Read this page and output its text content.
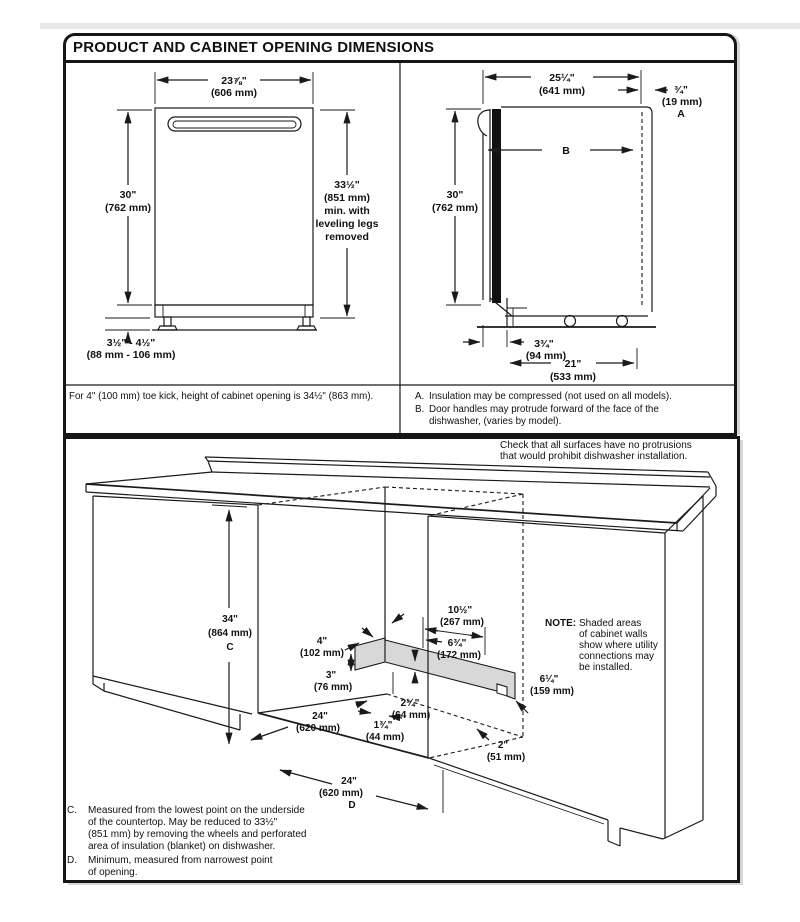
PRODUCT AND CABINET OPENING DIMENSIONS
23⅞"
(606 mm)
30"
(762 mm)
33½"
(851 mm)
min. with
leveling legs
removed
3½" - 4½"
(88 mm - 106 mm)
25¼"
(641 mm)	¾"
(19 mm)
A
B
30"
(762 mm)
3¾"
(94 mm)
21"
(533 mm)
For 4" (100 mm) toe kick, height of cabinet opening is 34½" (863 mm).	A. Insulation may be compressed (not used on all models).
B. Door handles may protrude forward of the face of the
dishwasher, (varies by model).
Check that all surfaces have no protrusions
that would prohibit dishwasher installation.
34"
(864 mm)
C
4"
(102 mm)
3"
(76 mm)
24"
(620 mm)	1¾"
(44 mm)
2¼"
(64 mm)
10½"
(267 mm)
6¾"
(172 mm)
6¼"
(159 mm)
2"
(51 mm)
24"
(620 mm)
D
NOTE: Shaded areas
of cabinet walls
show where utility
connections may
be installed.
C. Measured from the lowest point on the underside
of the countertop. May be reduced to 33½"
(851 mm) by removing the wheels and perforated
area of insulation (blanket) on dishwasher.
D. Minimum, measured from narrowest point
of opening.
